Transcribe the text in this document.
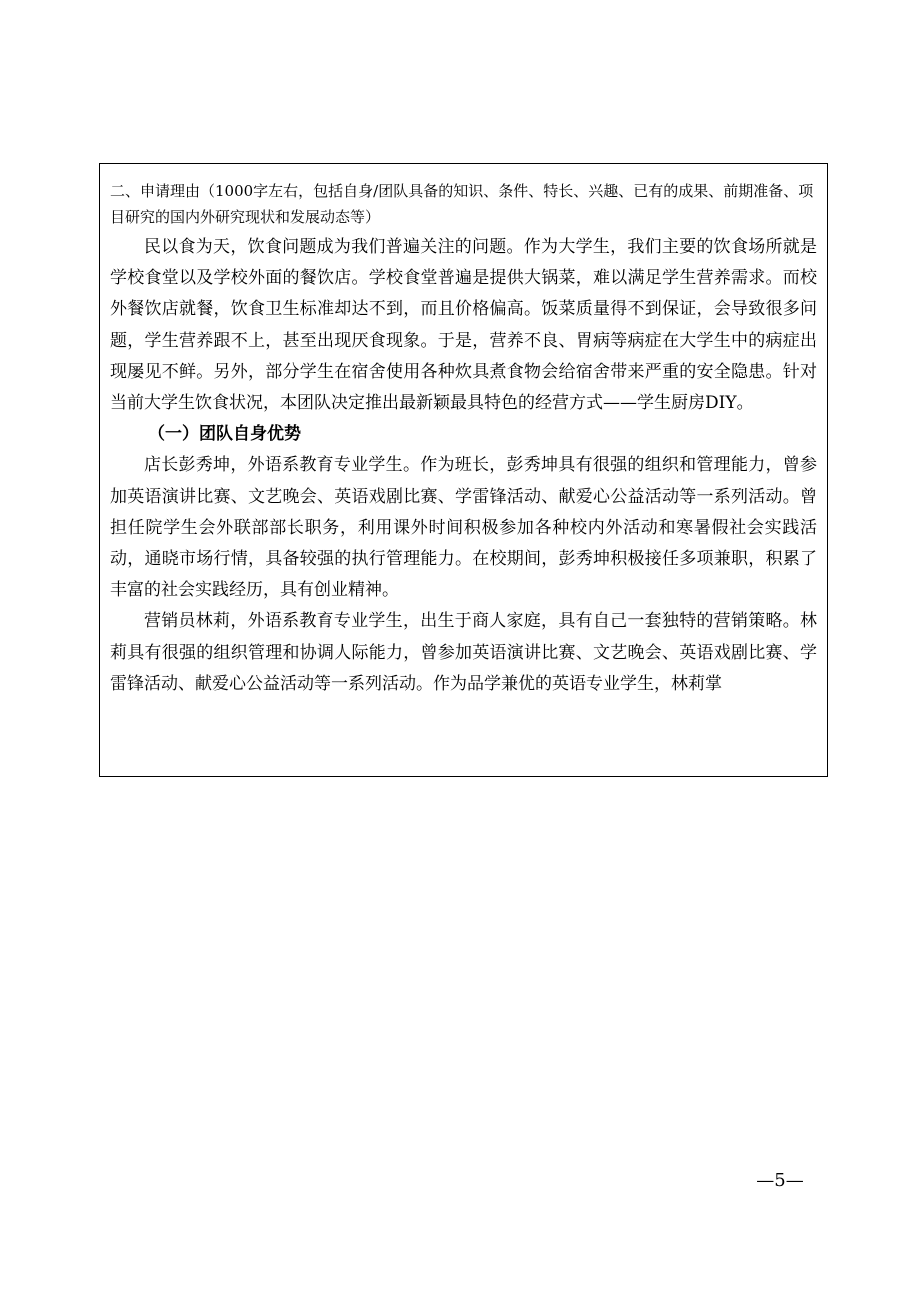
二、申请理由（1000字左右，包括自身/团队具备的知识、条件、特长、兴趣、已有的成果、前期准备、项目研究的国内外研究现状和发展动态等）

民以食为天，饮食问题成为我们普遍关注的问题。作为大学生，我们主要的饮食场所就是学校食堂以及学校外面的餐饮店。学校食堂普遍是提供大锅菜，难以满足学生营养需求。而校外餐饮店就餐，饮食卫生标准却达不到，而且价格偏高。饭菜质量得不到保证，会导致很多问题，学生营养跟不上，甚至出现厌食现象。于是，营养不良、胃病等病症在大学生中的病症出现屡见不鲜。另外，部分学生在宿舍使用各种炊具煮食物会给宿舍带来严重的安全隐患。针对当前大学生饮食状况，本团队决定推出最新颖最具特色的经营方式——学生厨房DIY。

（一）团队自身优势

店长彭秀坤，外语系教育专业学生。作为班长，彭秀坤具有很强的组织和管理能力，曾参加英语演讲比赛、文艺晚会、英语戏剧比赛、学雷锋活动、献爱心公益活动等一系列活动。曾担任院学生会外联部部长职务，利用课外时间积极参加各种校内外活动和寒暑假社会实践活动，通晓市场行情，具备较强的执行管理能力。在校期间，彭秀坤积极接任多项兼职，积累了丰富的社会实践经历，具有创业精神。

营销员林莉，外语系教育专业学生，出生于商人家庭，具有自己一套独特的营销策略。林莉具有很强的组织管理和协调人际能力，曾参加英语演讲比赛、文艺晚会、英语戏剧比赛、学雷锋活动、献爱心公益活动等一系列活动。作为品学兼优的英语专业学生，林莉掌

—5—
